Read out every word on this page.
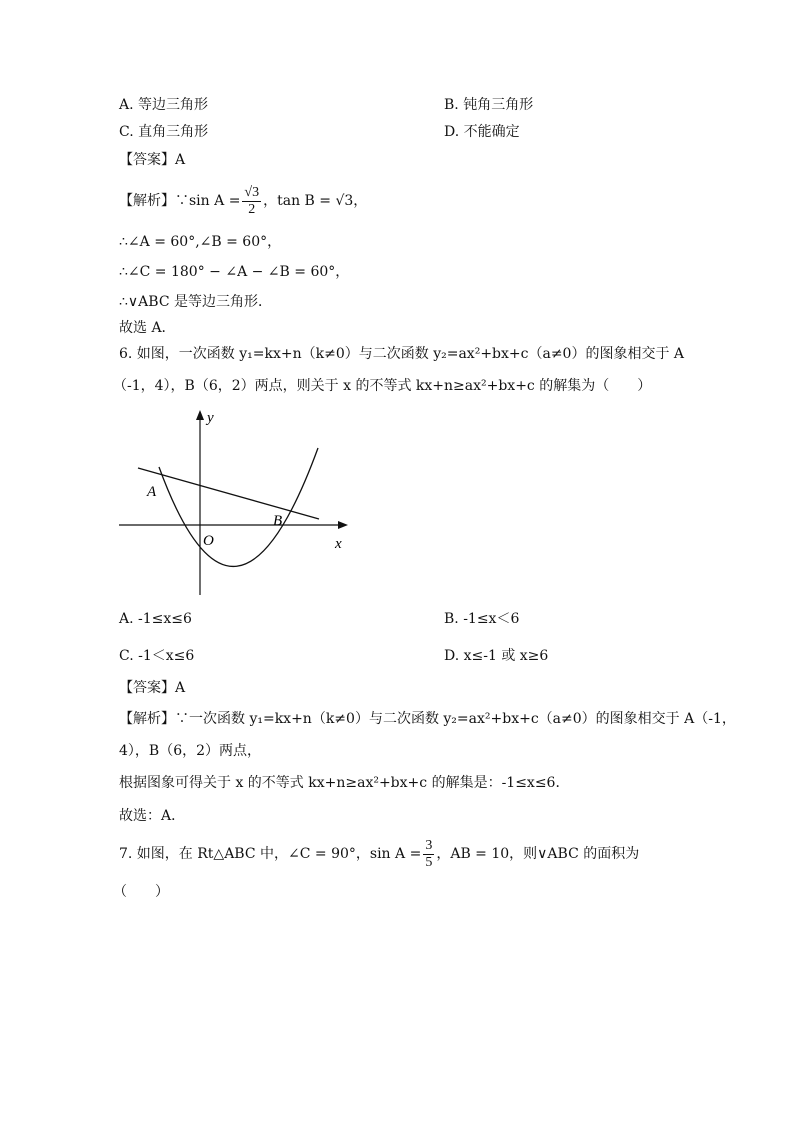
A. 等边三角形	B. 钝角三角形
C. 直角三角形	D. 不能确定
【答案】A
【解析】∵sin $A = \frac{√3}{2}$ ，tan B = √3，
∴∠A = 60°,∠B = 60°，
∴∠C = 180° − ∠A − ∠B = 60°，
∴∨ABC 是等边三角形．
故选 A．
6. 如图，一次函数 y₁=kx+n（k≠0）与二次函数 y₂=ax²+bx+c（a≠0）的图象相交于 A
（-1，4），B（6，2）两点，则关于 x 的不等式 kx+n≥ax²+bx+c 的解集为（　　）
y
x
O
A
B
A. -1≤x≤6	B. -1≤x＜6
C. -1＜x≤6	D. x≤-1 或 x≥6
【答案】A
【解析】∵一次函数 y₁=kx+n（k≠0）与二次函数 y₂=ax²+bx+c（a≠0）的图象相交于 A（-1，
4），B（6，2）两点，
根据图象可得关于 x 的不等式 kx+n≥ax²+bx+c 的解集是：-1≤x≤6．
故选：A．
7. 如图，在 Rt△ABC 中，∠C = 90°，$\sin A = \frac{3}{5}$ ，AB = 10，则∨ABC 的面积为
（　　）
